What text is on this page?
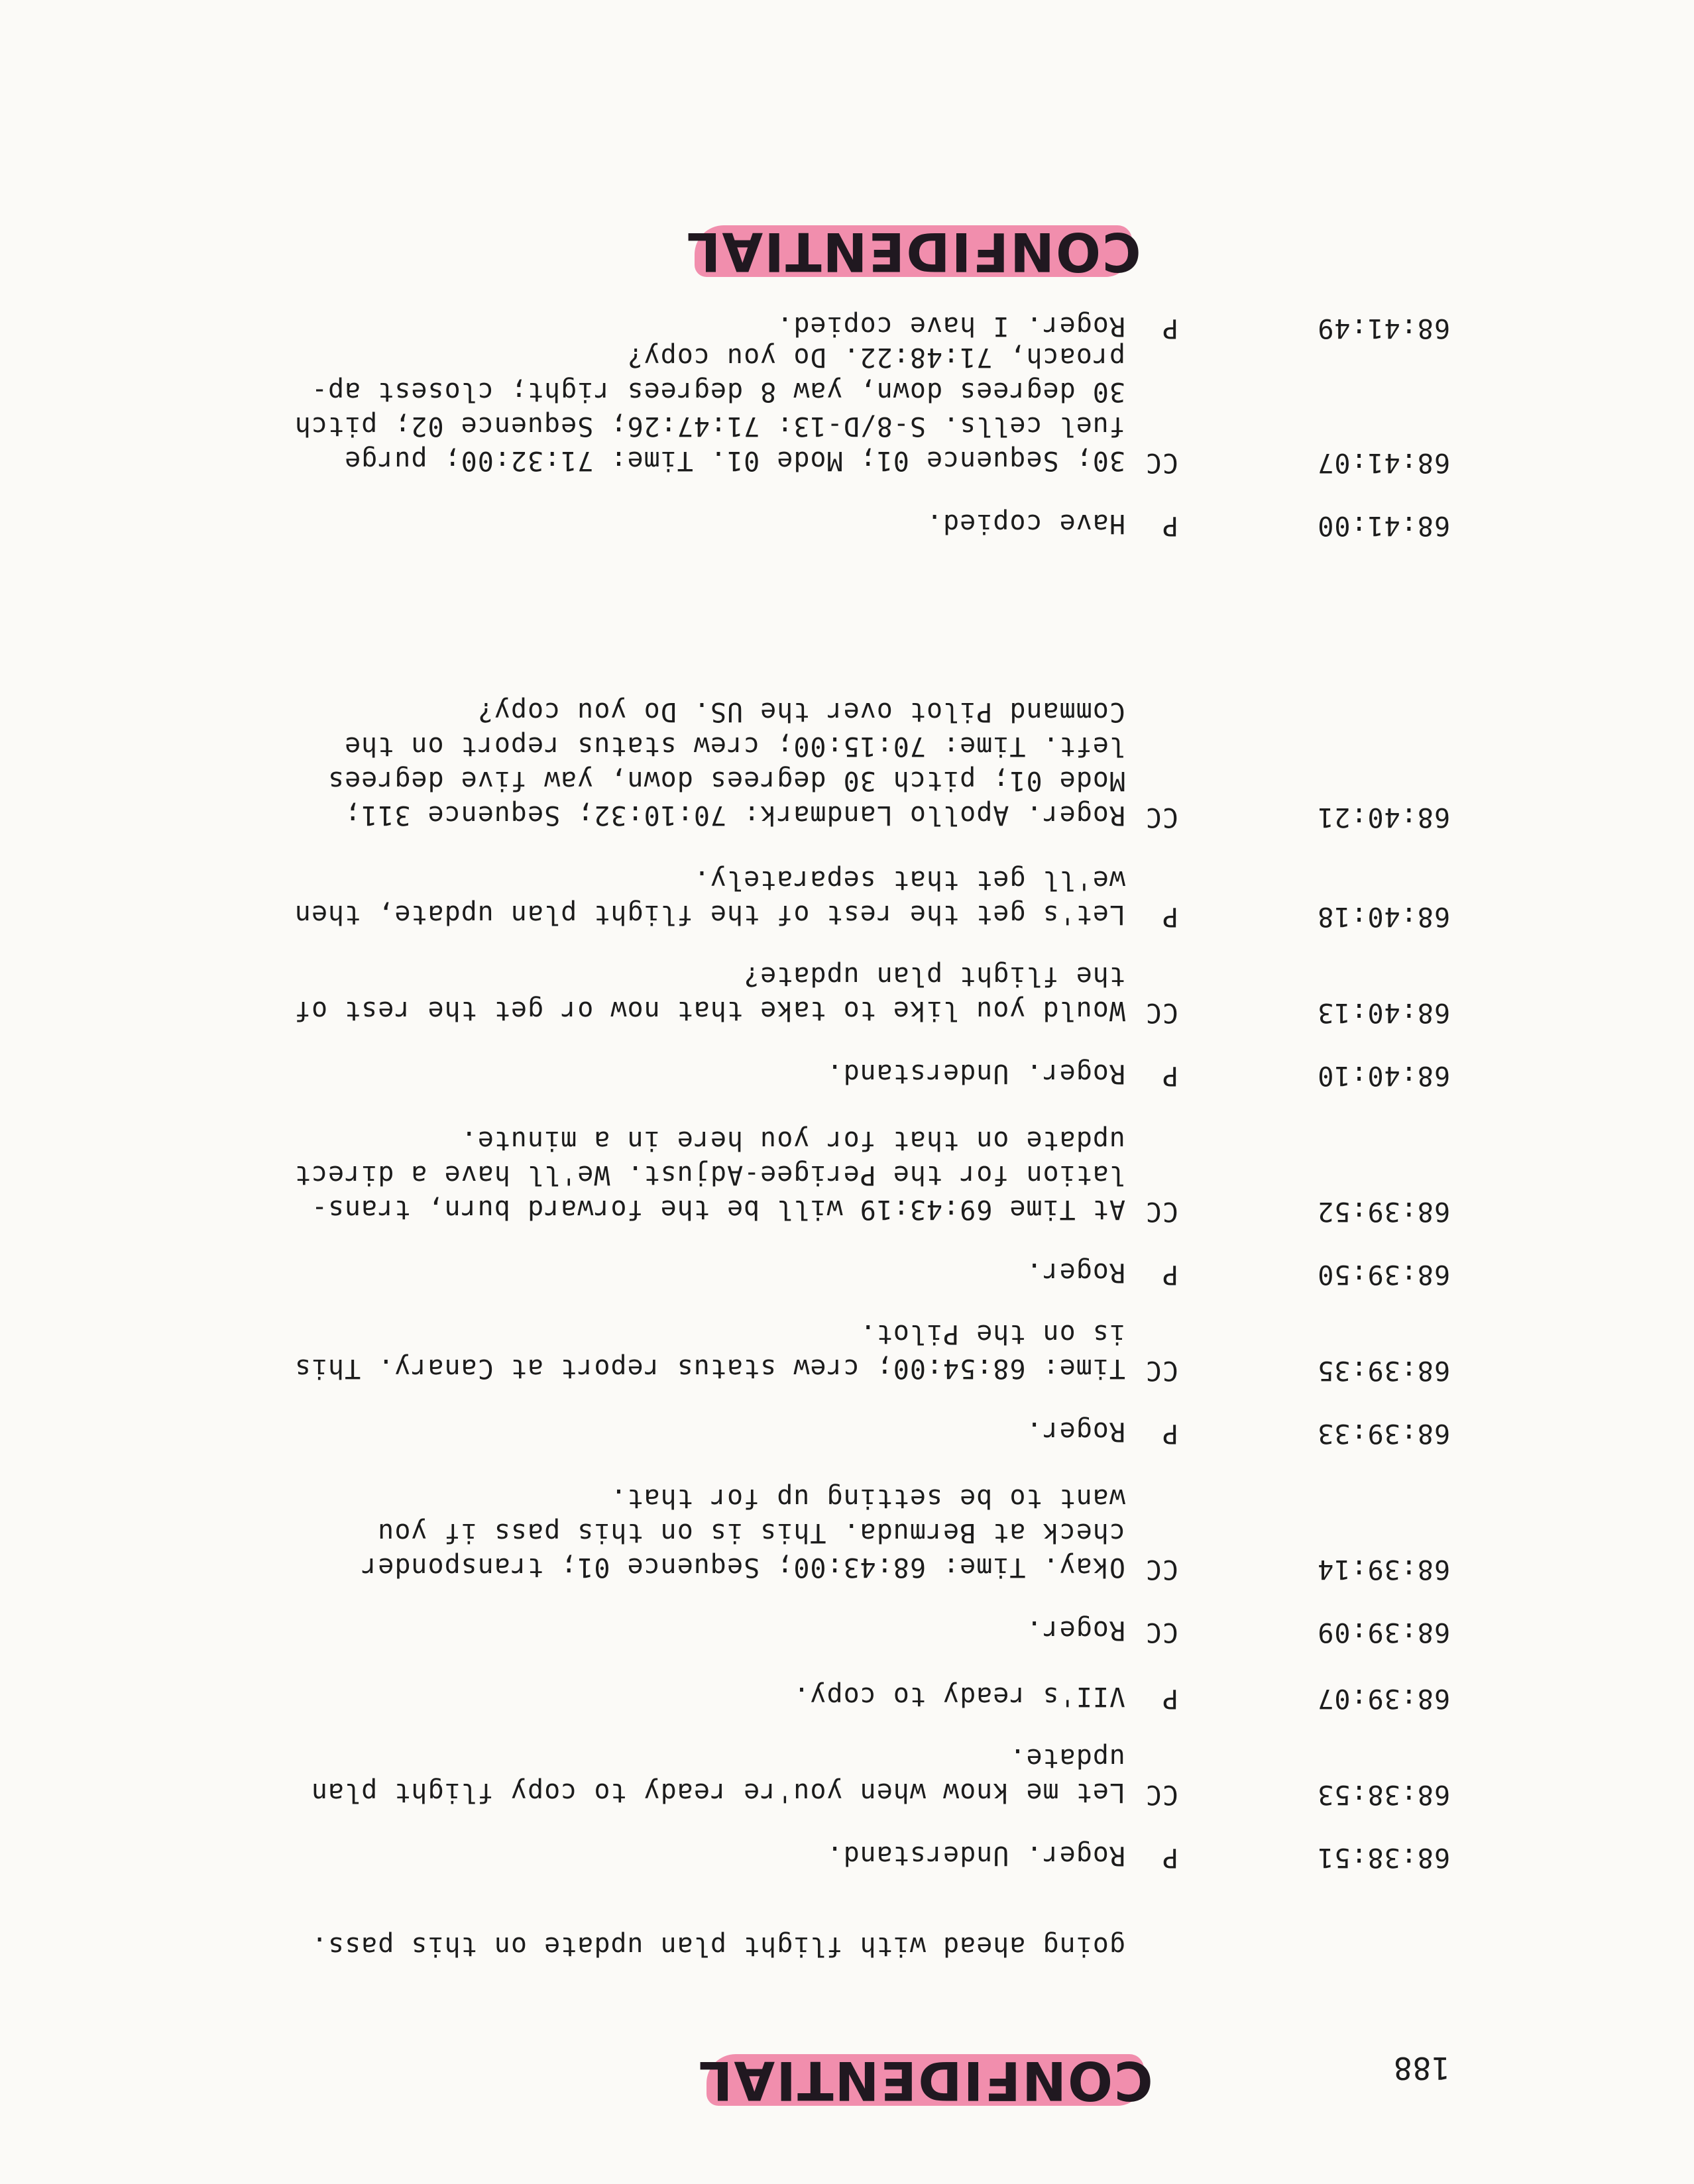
188
CONFIDENTIAL
going ahead with flight plan update on this pass.
68:38:51
P
Roger. Understand.
68:38:53
CC
Let me know when you're ready to copy flight plan
update.
68:39:07
P
VII's ready to copy.
68:39:09
CC
Roger.
68:39:14
CC
Okay. Time: 68:43:00; Sequence 01; transponder
check at Bermuda. This is on this pass if you
want to be setting up for that.
68:39:33
P
Roger.
68:39:35
CC
Time: 68:54:00; crew status report at Canary. This
is on the Pilot.
68:39:50
P
Roger.
68:39:52
CC
At Time 69:43:19 will be the forward burn, trans-
lation for the Perigee-Adjust. We'll have a direct
update on that for you here in a minute.
68:40:10
P
Roger. Understand.
68:40:13
CC
Would you like to take that now or get the rest of
the flight plan update?
68:40:18
P
Let's get the rest of the flight plan update, then
we'll get that separately.
68:40:21
CC
Roger. Apollo Landmark: 70:10:32; Sequence 311;
Mode 01; pitch 30 degrees down, yaw five degrees
left. Time: 70:15:00; crew status report on the
Command Pilot over the US. Do you copy?
68:41:00
P
Have copied.
68:41:07
CC
30; Sequence 01; Mode 01. Time: 71:32:00; purge
fuel cells. S-8/D-13: 71:47:26; Sequence 02; pitch
30 degrees down, yaw 8 degrees right; closest ap-
proach, 71:48:22. Do you copy?
68:41:49
P
Roger. I have copied.
CONFIDENTIAL
